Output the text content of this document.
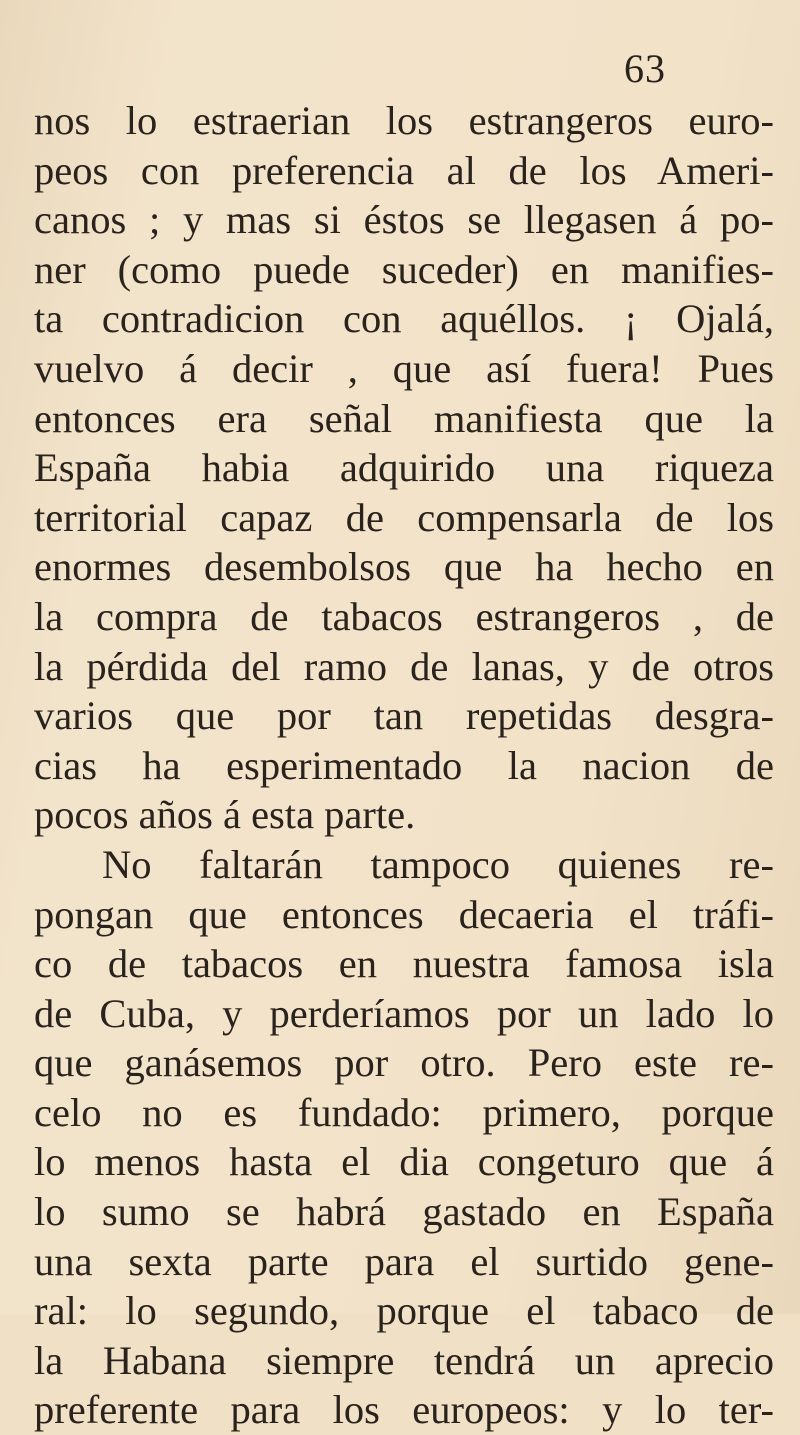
63
nos lo estraerian los estrangeros euro-
peos con preferencia al de los Ameri-
canos ; y mas si éstos se llegasen á po-
ner (como puede suceder) en manifies-
ta contradicion con aquéllos. ¡ Ojalá,
vuelvo á decir , que así fuera! Pues
entonces era señal manifiesta que la
España habia adquirido una riqueza
territorial capaz de compensarla de los
enormes desembolsos que ha hecho en
la compra de tabacos estrangeros , de
la pérdida del ramo de lanas, y de otros
varios que por tan repetidas desgra-
cias ha esperimentado la nacion de
pocos años á esta parte.
No faltarán tampoco quienes re-
pongan que entonces decaeria el tráfi-
co de tabacos en nuestra famosa isla
de Cuba, y perderíamos por un lado lo
que ganásemos por otro. Pero este re-
celo no es fundado: primero, porque
lo menos hasta el dia congeturo que á
lo sumo se habrá gastado en España
una sexta parte para el surtido gene-
ral: lo segundo, porque el tabaco de
la Habana siempre tendrá un aprecio
preferente para los europeos: y lo ter-
